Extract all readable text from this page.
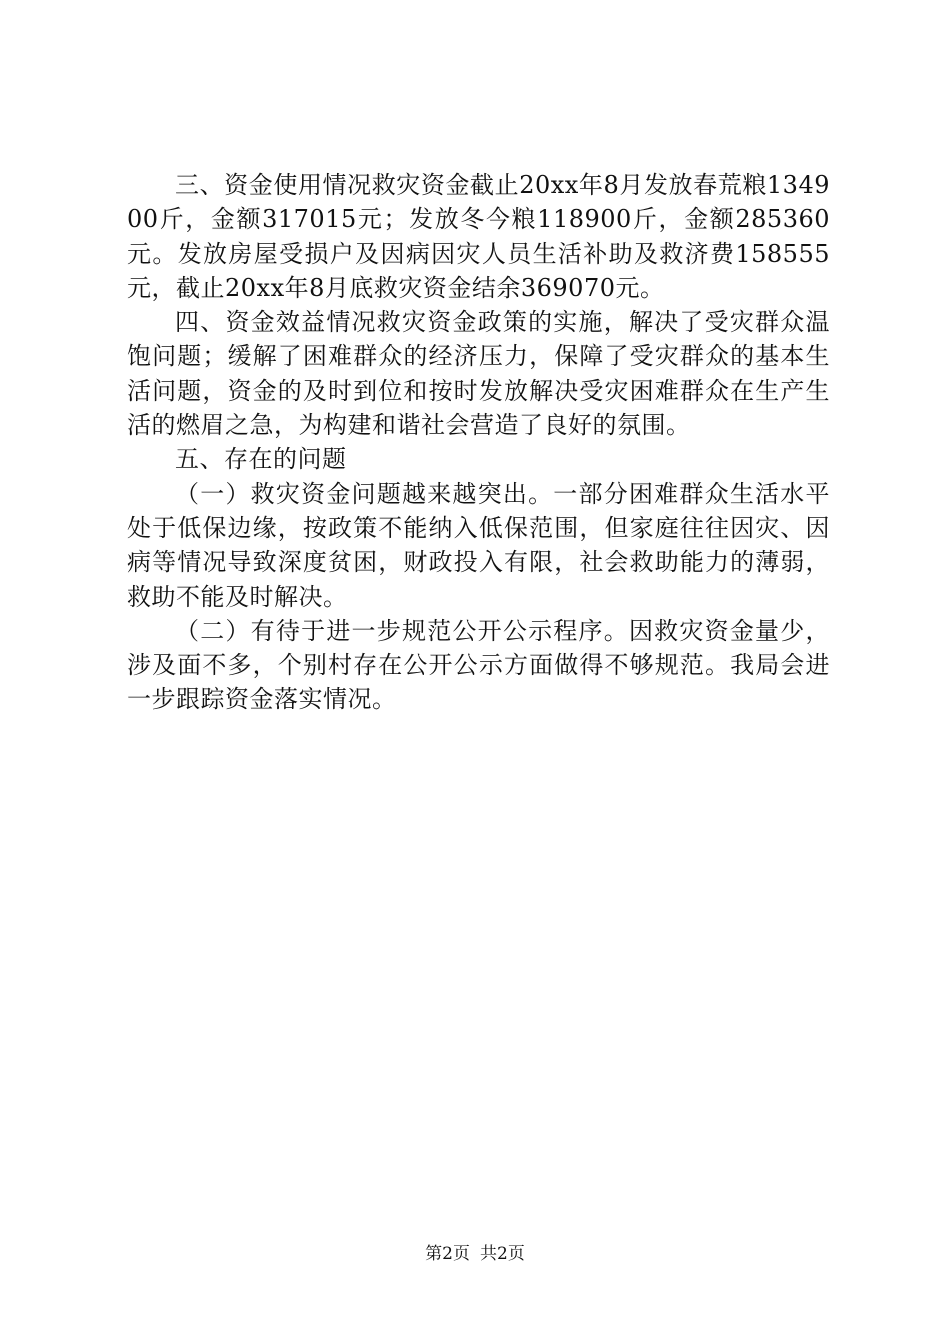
三、资金使用情况救灾资金截止20xx年8月发放春荒粮134900斤，金额317015元；发放冬今粮118900斤，金额285360元。发放房屋受损户及因病因灾人员生活补助及救济费158555元，截止20xx年8月底救灾资金结余369070元。

四、资金效益情况救灾资金政策的实施，解决了受灾群众温饱问题；缓解了困难群众的经济压力，保障了受灾群众的基本生活问题，资金的及时到位和按时发放解决受灾困难群众在生产生活的燃眉之急，为构建和谐社会营造了良好的氛围。

五、存在的问题

（一）救灾资金问题越来越突出。一部分困难群众生活水平处于低保边缘，按政策不能纳入低保范围，但家庭往往因灾、因病等情况导致深度贫困，财政投入有限，社会救助能力的薄弱，救助不能及时解决。

（二）有待于进一步规范公开公示程序。因救灾资金量少，涉及面不多，个别村存在公开公示方面做得不够规范。我局会进一步跟踪资金落实情况。

第2页 共2页
